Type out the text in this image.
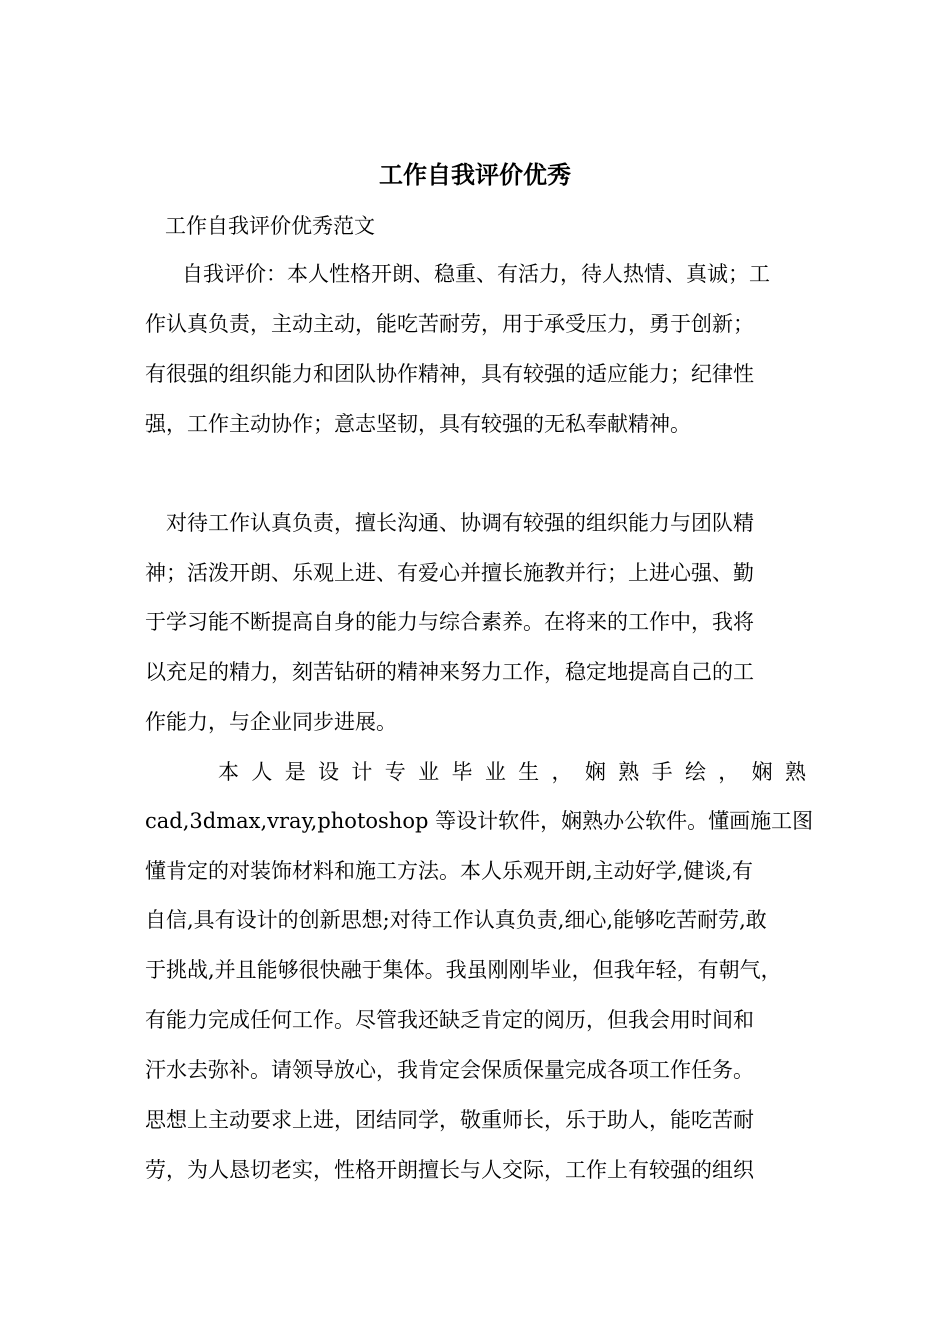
工作自我评价优秀

工作自我评价优秀范文

自我评价：本人性格开朗、稳重、有活力，待人热情、真诚；工

作认真负责，主动主动，能吃苦耐劳，用于承受压力，勇于创新；

有很强的组织能力和团队协作精神，具有较强的适应能力；纪律性

强，工作主动协作；意志坚韧，具有较强的无私奉献精神。

对待工作认真负责，擅长沟通、协调有较强的组织能力与团队精

神；活泼开朗、乐观上进、有爱心并擅长施教并行；上进心强、勤

于学习能不断提高自身的能力与综合素养。在将来的工作中，我将

以充足的精力，刻苦钻研的精神来努力工作，稳定地提高自己的工

作能力，与企业同步进展。

本人是设计专业毕业生，娴熟手绘，娴熟

cad,3dmax,vray,photoshop 等设计软件，娴熟办公软件。懂画施工图

懂肯定的对装饰材料和施工方法。本人乐观开朗,主动好学,健谈,有

自信,具有设计的创新思想;对待工作认真负责,细心,能够吃苦耐劳,敢

于挑战,并且能够很快融于集体。我虽刚刚毕业，但我年轻，有朝气，

有能力完成任何工作。尽管我还缺乏肯定的阅历，但我会用时间和

汗水去弥补。请领导放心，我肯定会保质保量完成各项工作任务。

思想上主动要求上进，团结同学，敬重师长，乐于助人，能吃苦耐

劳，为人恳切老实，性格开朗擅长与人交际，工作上有较强的组织
